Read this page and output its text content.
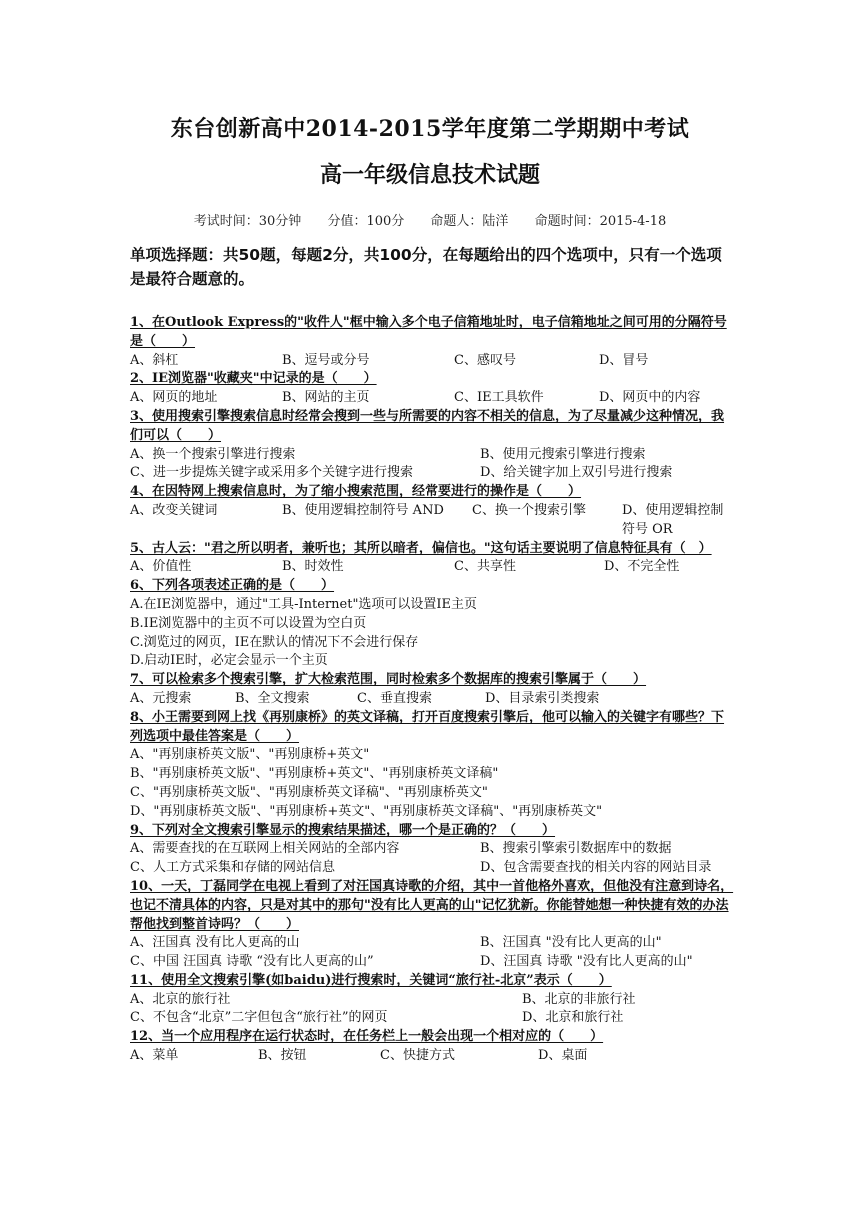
东台创新高中2014-2015学年度第二学期期中考试
高一年级信息技术试题
考试时间：30分钟 分值：100分 命题人：陆洋 命题时间：2015-4-18
单项选择题：共50题，每题2分，共100分，在每题给出的四个选项中，只有一个选项是最符合题意的。

1、在Outlook Express的"收件人"框中输入多个电子信箱地址时，电子信箱地址之间可用的分隔符号是（　　）

A、斜杠	B、逗号或分号	C、感叹号	D、冒号

2、IE浏览器"收藏夹"中记录的是（　　）

A、网页的地址	B、网站的主页	C、IE工具软件	D、网页中的内容

3、使用搜索引擎搜索信息时经常会搜到一些与所需要的内容不相关的信息，为了尽量减少这种情况，我们可以（　　）

A、换一个搜索引擎进行搜索	B、使用元搜索引擎进行搜索
C、进一步提炼关键字或采用多个关键字进行搜索	D、给关键字加上双引号进行搜索

4、在因特网上搜索信息时，为了缩小搜索范围，经常要进行的操作是（　　）

A、改变关键词	B、使用逻辑控制符号 AND	C、换一个搜索引擎	D、使用逻辑控制符号 OR

5、古人云："君之所以明者，兼听也；其所以暗者，偏信也。"这句话主要说明了信息特征具有（　）

A、价值性	B、时效性	C、共享性	D、不完全性

6、下列各项表述正确的是（　　）

A.在IE浏览器中，通过"工具-Internet"选项可以设置IE主页
B.IE浏览器中的主页不可以设置为空白页
C.浏览过的网页，IE在默认的情况下不会进行保存
D.启动IE时，必定会显示一个主页

7、可以检索多个搜索引擎，扩大检索范围，同时检索多个数据库的搜索引擎属于（　　）

A、元搜索	B、全文搜索	C、垂直搜索	D、目录索引类搜索

8、小王需要到网上找《再别康桥》的英文译稿，打开百度搜索引擎后，他可以输入的关键字有哪些？下列选项中最佳答案是（　　）

A、"再别康桥英文版"、"再别康桥+英文"
B、"再别康桥英文版"、"再别康桥+英文"、"再别康桥英文译稿"
C、"再别康桥英文版"、"再别康桥英文译稿"、"再别康桥英文"
D、"再别康桥英文版"、"再别康桥+英文"、"再别康桥英文译稿"、"再别康桥英文"

9、下列对全文搜索引擎显示的搜索结果描述，哪一个是正确的？（　　）

A、需要查找的在互联网上相关网站的全部内容	B、搜索引擎索引数据库中的数据
C、人工方式采集和存储的网站信息	D、包含需要查找的相关内容的网站目录

10、一天，丁磊同学在电视上看到了对汪国真诗歌的介绍，其中一首他格外喜欢，但他没有注意到诗名，也记不清具体的内容，只是对其中的那句"没有比人更高的山"记忆犹新。你能替她想一种快捷有效的办法帮他找到整首诗吗？（　　）

A、汪国真 没有比人更高的山	B、汪国真 "没有比人更高的山"
C、中国 汪国真 诗歌 “没有比人更高的山”	D、汪国真 诗歌 "没有比人更高的山"

11、使用全文搜索引擎(如baidu)进行搜索时，关键词“旅行社-北京”表示（　　）

A、北京的旅行社	B、北京的非旅行社
C、不包含“北京”二字但包含“旅行社”的网页	D、北京和旅行社

12、当一个应用程序在运行状态时，在任务栏上一般会出现一个相对应的（　　）

A、菜单	B、按钮	C、快捷方式	D、桌面
